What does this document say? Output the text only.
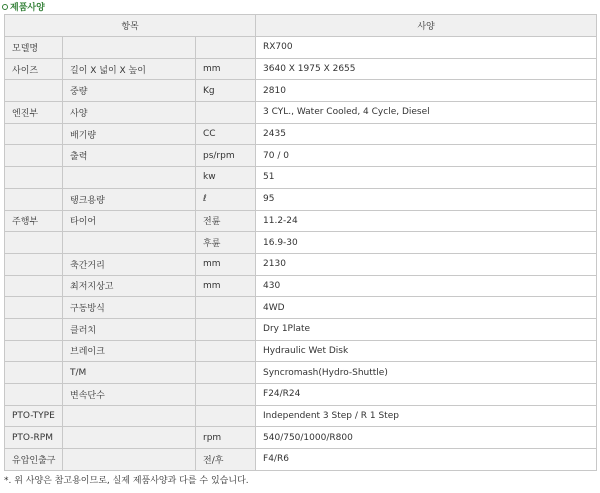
제품사양
항목			사양
모델명			RX700
사이즈	길이 X 넓이 X 높이	mm	3640 X 1975 X 2655
	중량	Kg	2810
엔진부	사양		3 CYL., Water Cooled, 4 Cycle, Diesel
	배기량	CC	2435
	출력	ps/rpm	70 / 0
		kw	51
	탱크용량	ℓ	95
주행부	타이어	전륜	11.2-24
		후륜	16.9-30
	축간거리	mm	2130
	최저지상고	mm	430
	구동방식		4WD
	클러치		Dry 1Plate
	브레이크		Hydraulic Wet Disk
	T/M		Syncromash(Hydro-Shuttle)
	변속단수		F24/R24
PTO-TYPE			Independent 3 Step / R 1 Step
PTO-RPM		rpm	540/750/1000/R800
유압인출구		전/후	F4/R6
*. 위 사양은 참고용이므로, 실제 제품사양과 다를 수 있습니다.
